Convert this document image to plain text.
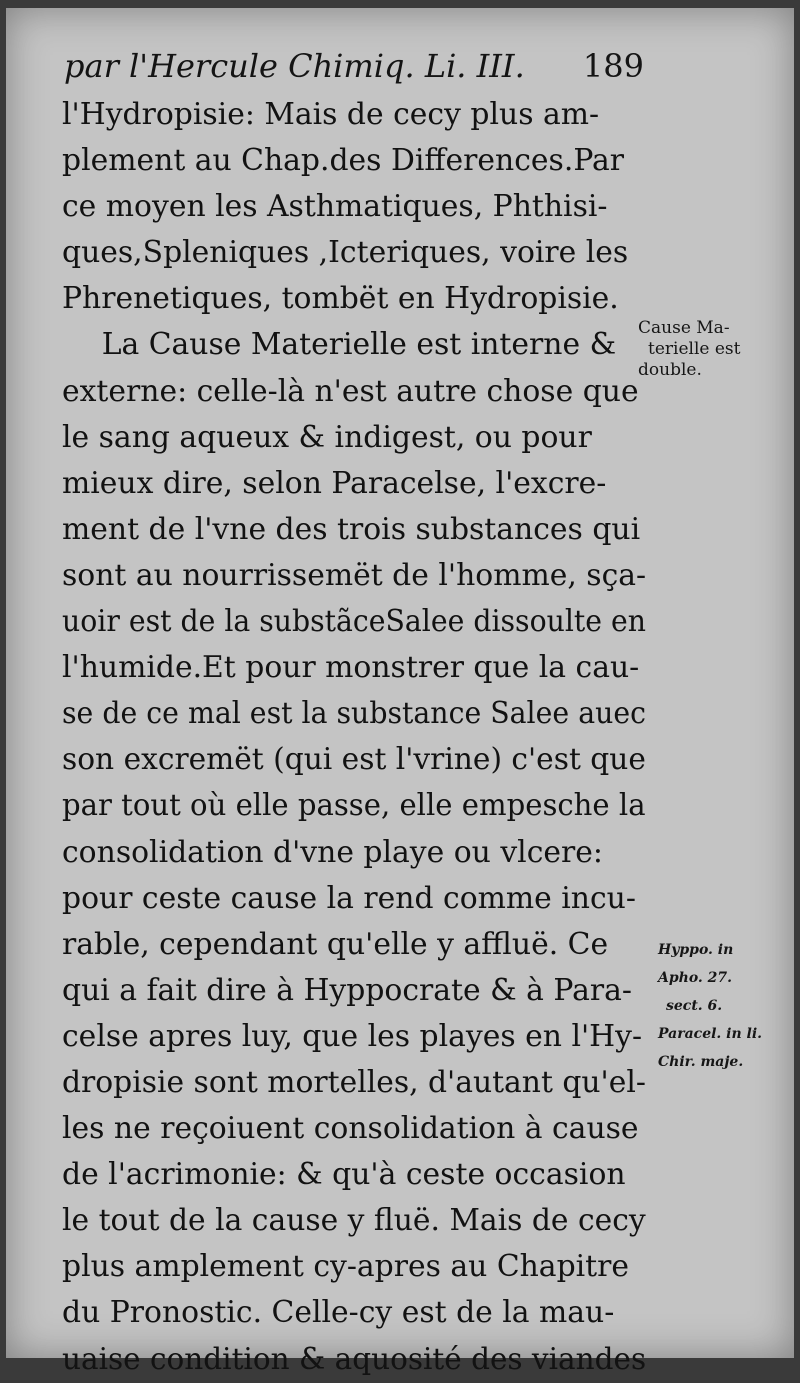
par l'Hercule Chimiq. Li. III. 189
l'Hydropisie: Mais de cecy plus am-
plement au Chap.des Differences.Par
ce moyen les Asthmatiques, Phthisi-
ques,Spleniques ,Icteriques, voire les
Phrenetiques, tombët en Hydropisie.
La Cause Materielle est interne &
externe: celle-là n'est autre chose que
le sang aqueux & indigest, ou pour
mieux dire, selon Paracelse, l'excre-
ment de l'vne des trois substances qui
sont au nourrissemët de l'homme, sça-
uoir est de la substãceSalee dissoulte en
l'humide.Et pour monstrer que la cau-
se de ce mal est la substance Salee auec
son excremët (qui est l'vrine) c'est que
par tout où elle passe, elle empesche la
consolidation d'vne playe ou vlcere:
pour ceste cause la rend comme incu-
rable, cependant qu'elle y affluë. Ce
qui a fait dire à Hyppocrate & à Para-
celse apres luy, que les playes en l'Hy-
dropisie sont mortelles, d'autant qu'el-
les ne reçoiuent consolidation à cause
de l'acrimonie: & qu'à ceste occasion
le tout de la cause y fluë. Mais de cecy
plus amplement cy-apres au Chapitre
du Pronostic. Celle-cy est de la mau-
uaise condition & aquosité des viandes
Cause Ma-
terielle est
double.
Hyppo. in
Apho. 27.
sect. 6.
Paracel. in li.
Chir. maje.
